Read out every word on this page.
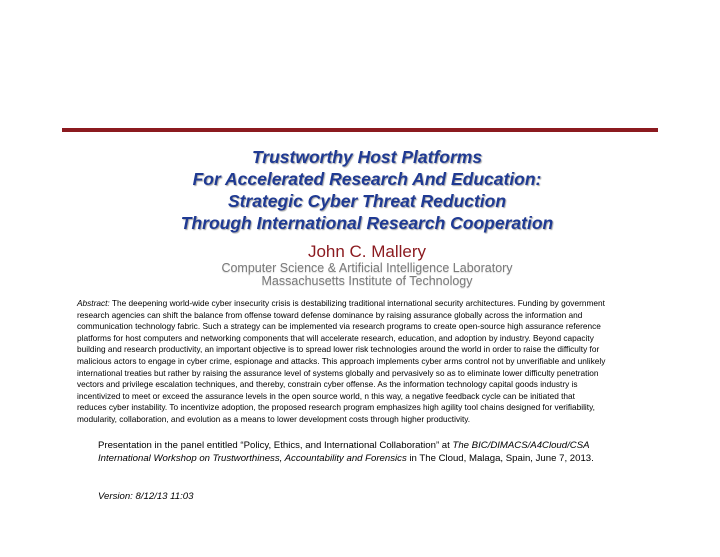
Trustworthy Host Platforms
For Accelerated Research And Education:
Strategic Cyber Threat Reduction
Through International Research Cooperation
John C. Mallery
Computer Science & Artificial Intelligence Laboratory
Massachusetts Institute of Technology
Abstract: The deepening world-wide cyber insecurity crisis is destabilizing traditional international security architectures. Funding by government
research agencies can shift the balance from offense toward defense dominance by raising assurance globally across the information and
communication technology fabric. Such a strategy can be implemented via research programs to create open-source high assurance reference
platforms for host computers and networking components that will accelerate research, education, and adoption by industry. Beyond capacity
building and research productivity, an important objective is to spread lower risk technologies around the world in order to raise the difficulty for
malicious actors to engage in cyber crime, espionage and attacks. This approach implements cyber arms control not by unverifiable and unlikely
international treaties but rather by raising the assurance level of systems globally and pervasively so as to eliminate lower difficulty penetration
vectors and privilege escalation techniques, and thereby, constrain cyber offense. As the information technology capital goods industry is
incentivized to meet or exceed the assurance levels in the open source world, n this way, a negative feedback cycle can be initiated that
reduces cyber instability. To incentivize adoption, the proposed research program emphasizes high agility tool chains designed for verifiability,
modularity, collaboration, and evolution as a means to lower development costs through higher productivity.
Presentation in the panel entitled “Policy, Ethics, and International Collaboration” at The BIC/DIMACS/A4Cloud/CSA
International Workshop on Trustworthiness, Accountability and Forensics in The Cloud, Malaga, Spain, June 7, 2013.
Version: 8/12/13 11:03
